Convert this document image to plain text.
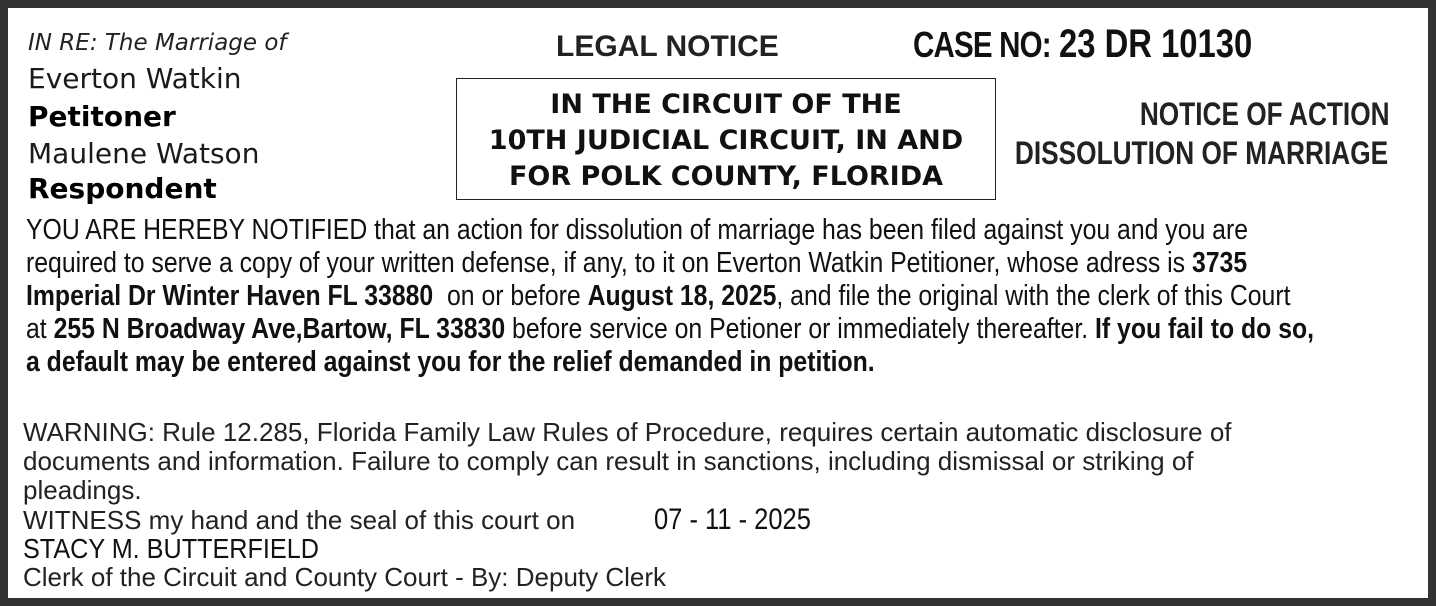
IN RE: The Marriage of
Everton Watkin
Petitoner
Maulene Watson
Respondent
LEGAL NOTICE	CASE NO: 23 DR 10130
IN THE CIRCUIT OF THE
10TH JUDICIAL CIRCUIT, IN AND
FOR POLK COUNTY, FLORIDA
NOTICE OF ACTION
DISSOLUTION OF MARRIAGE
YOU ARE HEREBY NOTIFIED that an action for dissolution of marriage has been filed against you and you are
required to serve a copy of your written defense, if any, to it on Everton Watkin Petitioner, whose adress is 3735
Imperial Dr Winter Haven FL 33880  on or before August 18, 2025, and file the original with the clerk of this Court
at 255 N Broadway Ave,Bartow, FL 33830 before service on Petioner or immediately thereafter. If you fail to do so,
a default may be entered against you for the relief demanded in petition.
WARNING: Rule 12.285, Florida Family Law Rules of Procedure, requires certain automatic disclosure of
documents and information. Failure to comply can result in sanctions, including dismissal or striking of
pleadings.
WITNESS my hand and the seal of this court on	07 - 11 - 2025
STACY M. BUTTERFIELD
Clerk of the Circuit and County Court - By: Deputy Clerk
